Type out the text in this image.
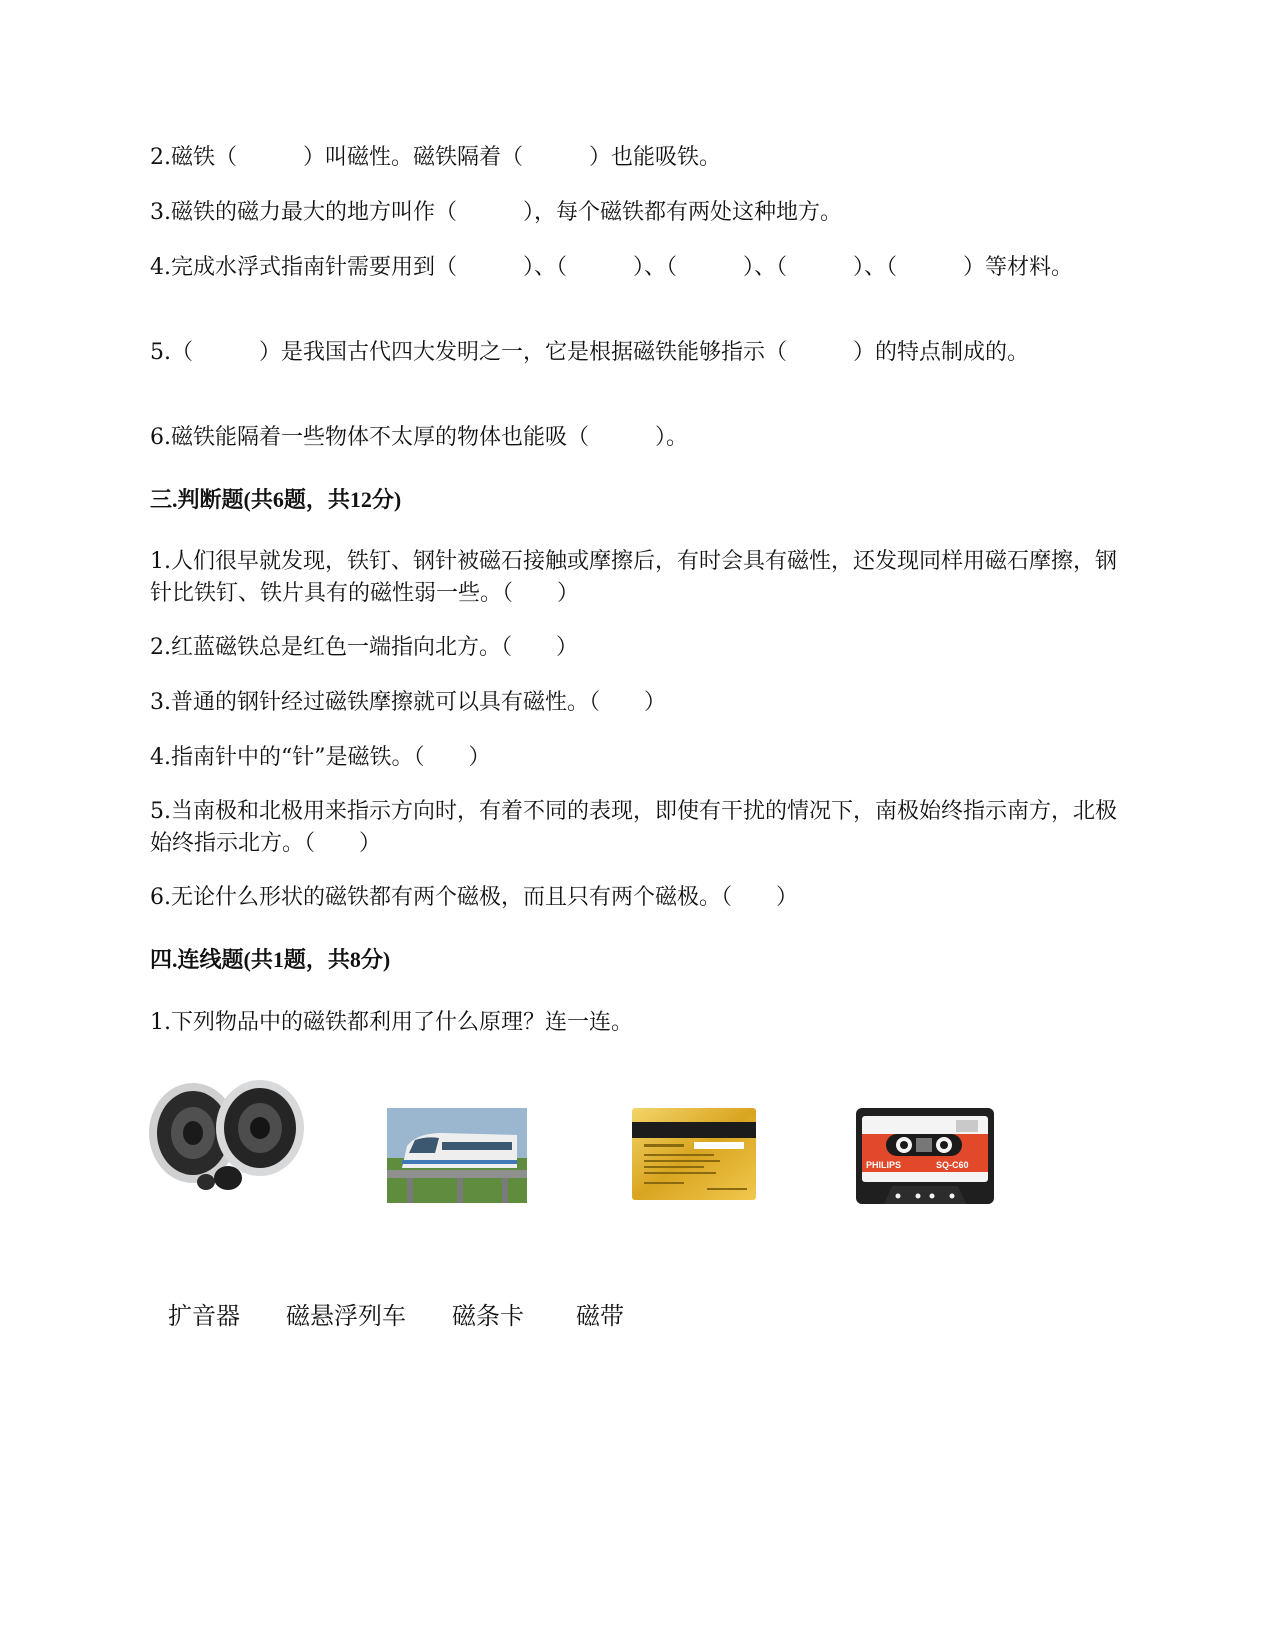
2.磁铁（　　　）叫磁性。磁铁隔着（　　　）也能吸铁。
3.磁铁的磁力最大的地方叫作（　　　），每个磁铁都有两处这种地方。
4.完成水浮式指南针需要用到（　　　）、（　　　）、（　　　）、（　　　）、（　　　）等材料。
5.（　　　）是我国古代四大发明之一，它是根据磁铁能够指示（　　　）的特点制成的。
6.磁铁能隔着一些物体不太厚的物体也能吸（　　　）。
三.判断题(共6题，共12分)
1.人们很早就发现，铁钉、钢针被磁石接触或摩擦后，有时会具有磁性，还发现同样用磁石摩擦，钢针比铁钉、铁片具有的磁性弱一些。（　　）
2.红蓝磁铁总是红色一端指向北方。（　　）
3.普通的钢针经过磁铁摩擦就可以具有磁性。（　　）
4.指南针中的“针”是磁铁。（　　）
5.当南极和北极用来指示方向时，有着不同的表现，即使有干扰的情况下，南极始终指示南方，北极始终指示北方。（　　）
6.无论什么形状的磁铁都有两个磁极，而且只有两个磁极。（　　）
四.连线题(共1题，共8分)
1.下列物品中的磁铁都利用了什么原理？连一连。
PHILIPS	SQ-C60
扩音器 磁悬浮列车 磁条卡 磁带
